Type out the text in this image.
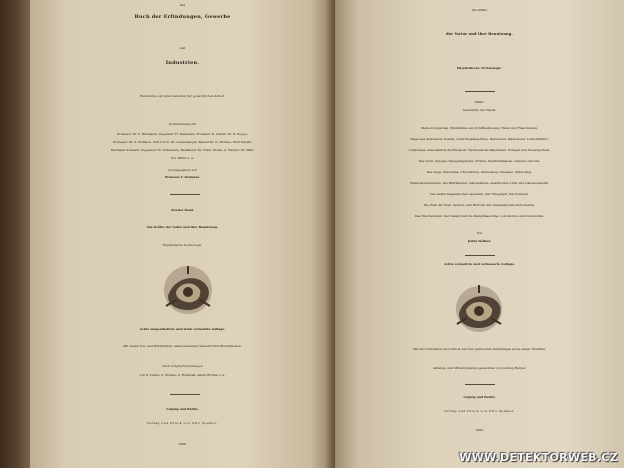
Das
Buch der Erfindungen, Gewerbe
und
Industrien.
Rundschau auf allen Gebieten der gewerblichen Arbeit.
In Verbindung mit
Professor Dr. C. Birnbaum, Ingenieur Fr. Kimmelin, Professor G. Carter, Dr. O. Doppe,
Professor Dr. A. Erdbach, Carl Lorck, Dr. Lustenberger, Baurat Dr. O. Mothes, Emil Schalk,
Hermann Schwarz, Ingenieur Th. Schwartze, Redakteur Dr. Franz Stolze, A. Werner, Dr. Wilh.
Zol. Ritter u. a.
herausgegeben von
Professor F. Reuleaux.
Zweiter Band.
Die Kräfte der Natur und ihre Benutzung.
Physikalische Technologie.
Achte umgearbeitete und stark vermehrte Auflage.
Mit vielen Ton- und Buntbildern, nebst mehreren Tausend Text-Illustrationen.
Nach Originalzeichnungen
von E. Carter, O. Mothes, G. Rottinder, Albert Richter u. a.
Leipzig und Berlin.
Verlag und Druck von Otto Spamer.
1889.
Die Kräfte
der Natur und ihre Benutzung.
Physikalische Technologie.
Inhalt:
Geschichte der Physik.
Meteorologisches. Windmühle und Schiffsschraube. Hebel und Flaschenzug.
Wage und Aräometer. Pendel, Centrifugalmaschine. Barometer. Manometer. Luftschiffahrt.
Luftpumpe; atmosphärische Briefpost. Hydraulische Maschinen, Pumpen und Feuerspritzen.
Das Licht. Spiegel, Spiegelapparate. Prisma; Spektralanalyse. Camera obscura.
Das Auge, Panorama, Chromatrop, Stereoskop, Teleskop, Mikroskop.
Elektrisiermaschine. Die Blitzableiter. Galvanismus, elektrisches Licht und Galvanoplastik.
Die elektromagnetischen Apparate. Der Telegraph. Der Kompaß.
Die Welt der Töne. Sprach- und Hörrohr. Die musikalischen Instrumente.
Das Thermometer. Der Dampf und die Dampfmaschine. Lokomotive und Lokomobile.
Von
Julius Döllner.
Achte vermehrte und verbesserte Auflage.
Mit drei Tonbildern, über 600 in den Text gedruckten Abbildungen sowie einem Titelbilde.
Anfangs- und Mittelvignetten gezeichnet von Ludwig Burger.
Leipzig und Berlin.
Verlag und Druck von Otto Spamer.
1889.
WWW.DETEKTORWEB.CZ
